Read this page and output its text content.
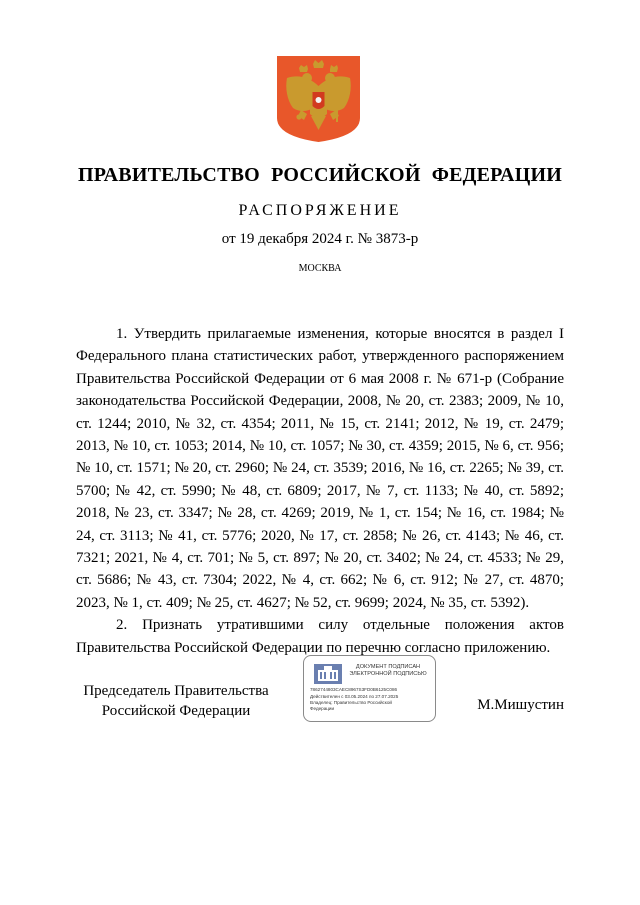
ПРАВИТЕЛЬСТВО РОССИЙСКОЙ ФЕДЕРАЦИИ
РАСПОРЯЖЕНИЕ
от 19 декабря 2024 г. № 3873-р
МОСКВА

1. Утвердить прилагаемые изменения, которые вносятся в раздел I Федерального плана статистических работ, утвержденного распоряжением Правительства Российской Федерации от 6 мая 2008 г. № 671-р (Собрание законодательства Российской Федерации, 2008, № 20, ст. 2383; 2009, № 10, ст. 1244; 2010, № 32, ст. 4354; 2011, № 15, ст. 2141; 2012, № 19, ст. 2479; 2013, № 10, ст. 1053; 2014, № 10, ст. 1057; № 30, ст. 4359; 2015, № 6, ст. 956; № 10, ст. 1571; № 20, ст. 2960; № 24, ст. 3539; 2016, № 16, ст. 2265; № 39, ст. 5700; № 42, ст. 5990; № 48, ст. 6809; 2017, № 7, ст. 1133; № 40, ст. 5892; 2018, № 23, ст. 3347; № 28, ст. 4269; 2019, № 1, ст. 154; № 16, ст. 1984; № 24, ст. 3113; № 41, ст. 5776; 2020, № 17, ст. 2858; № 26, ст. 4143; № 46, ст. 7321; 2021, № 4, ст. 701; № 5, ст. 897; № 20, ст. 3402; № 24, ст. 4533; № 29, ст. 5686; № 43, ст. 7304; 2022, № 4, ст. 662; № 6, ст. 912; № 27, ст. 4870; 2023, № 1, ст. 409; № 25, ст. 4627; № 52, ст. 9699; 2024, № 35, ст. 5392).

2. Признать утратившими силу отдельные положения актов Правительства Российской Федерации по перечню согласно приложению.

Председатель Правительства
Российской Федерации
ДОКУМЕНТ ПОДПИСАН
ЭЛЕКТРОННОЙ ПОДПИСЬЮ
7862744803CAEC8967S3FD0B6125C086
Действителен с 03.05.2024 по 27.07.2025
Владелец: Правительство Российской
Федерации	М.Мишустин
